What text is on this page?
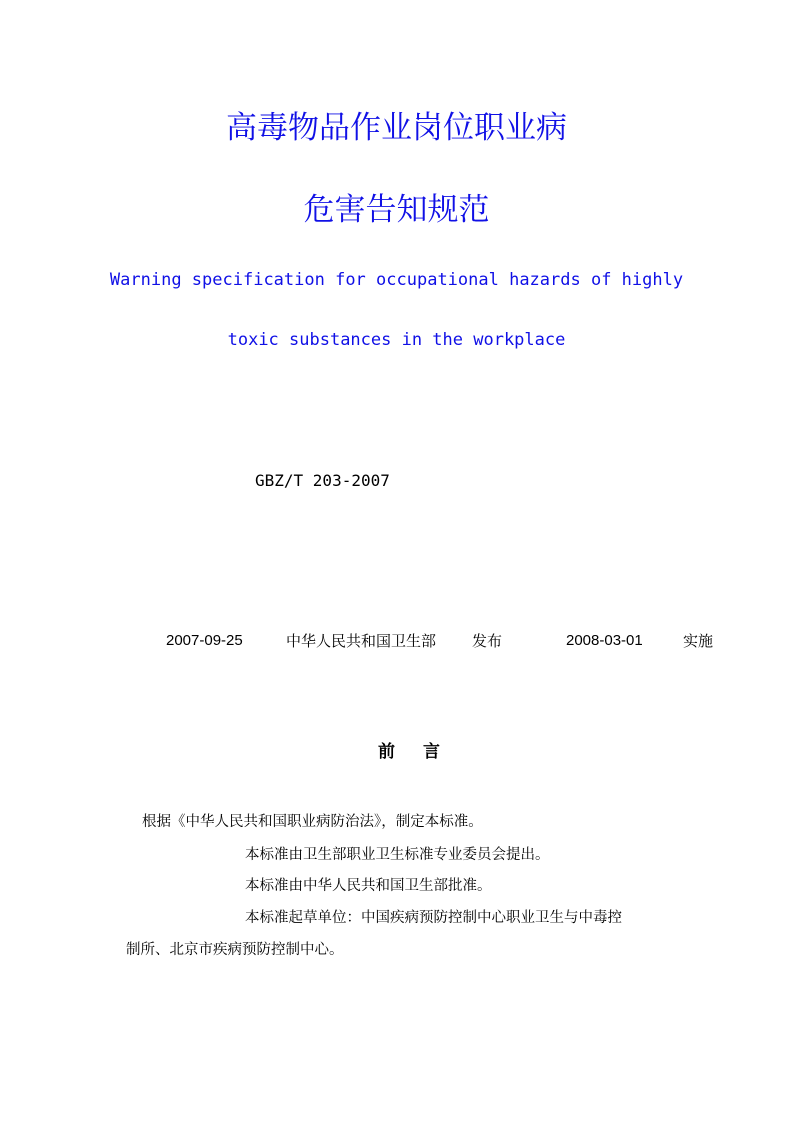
高毒物品作业岗位职业病
危害告知规范
Warning specification for occupational hazards of highly
toxic substances in the workplace
GBZ/T 203-2007
2007-09-25	中华人民共和国卫生部 发布	2008-03-01	实施
前 言
根据《中华人民共和国职业病防治法》，制定本标准。
本标准由卫生部职业卫生标准专业委员会提出。
本标准由中华人民共和国卫生部批准。
本标准起草单位：中国疾病预防控制中心职业卫生与中毒控
制所、北京市疾病预防控制中心。
